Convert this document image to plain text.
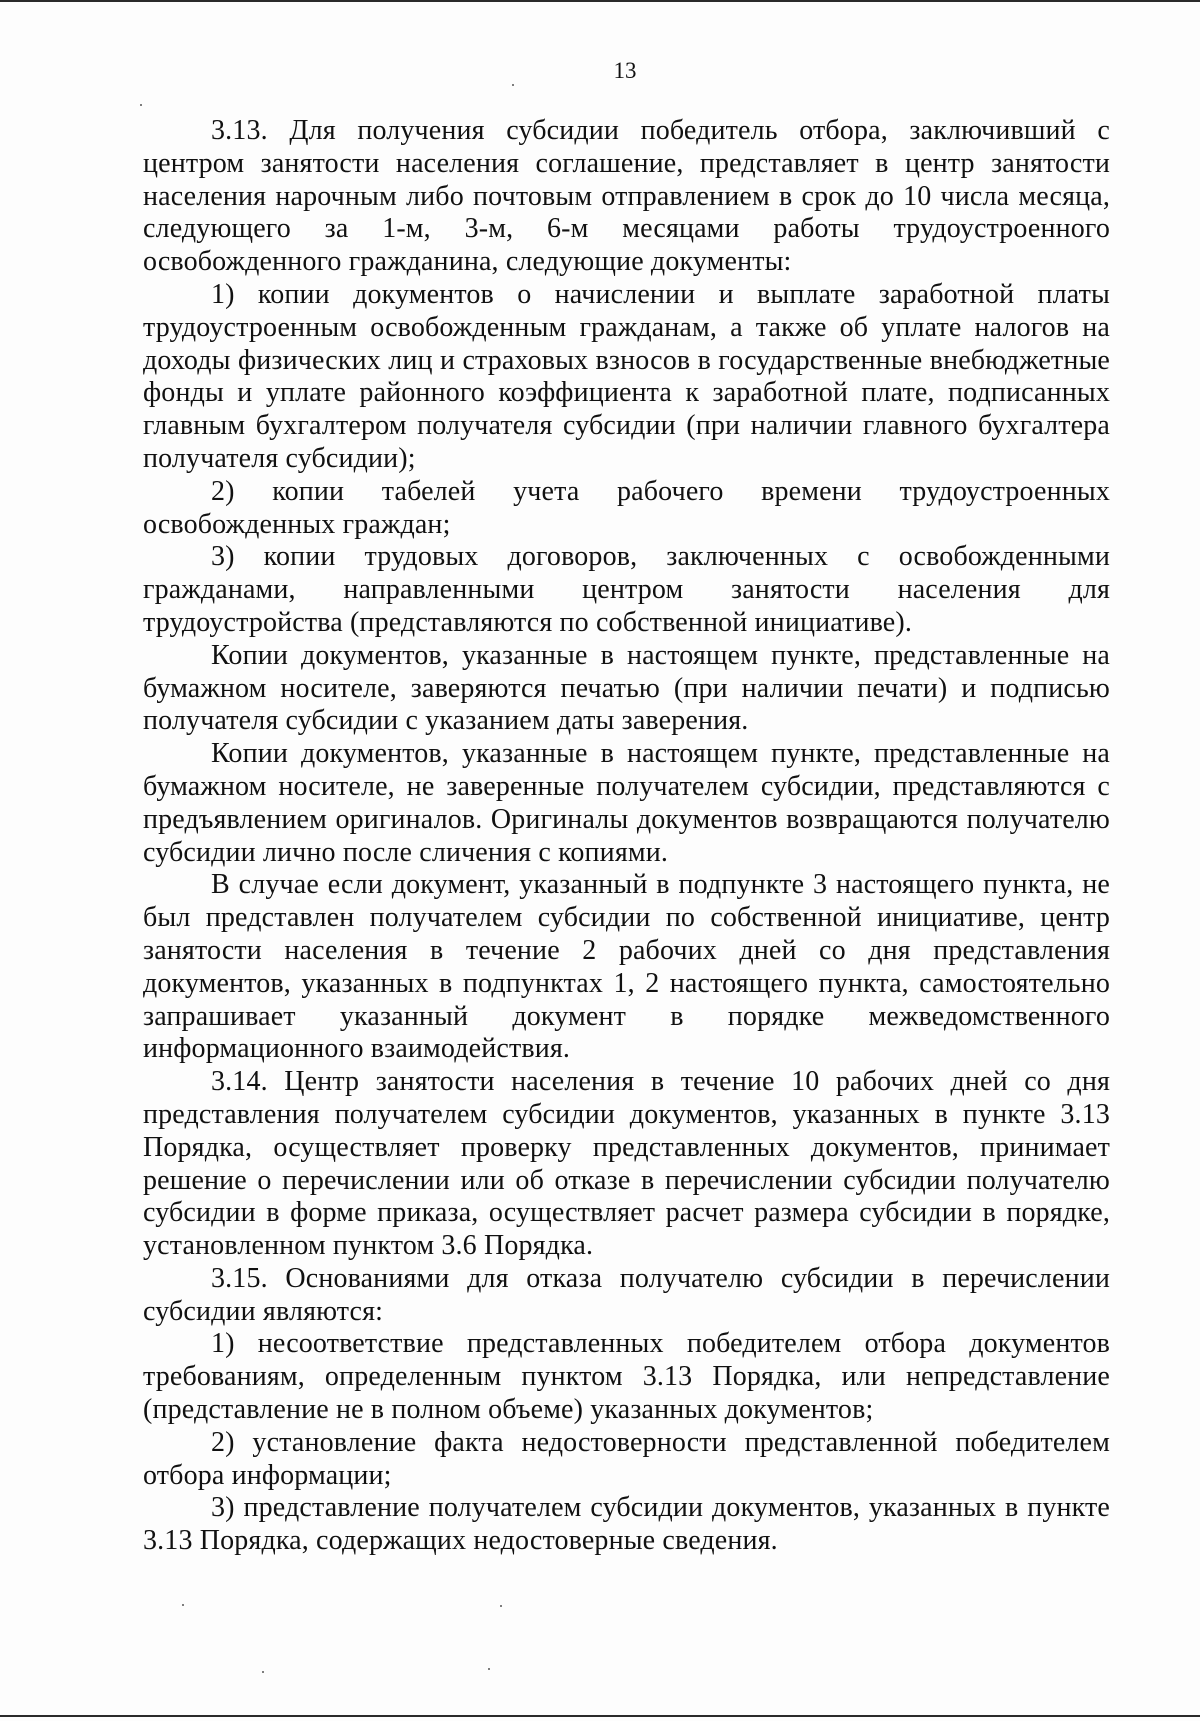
13

3.13. Для получения субсидии победитель отбора, заключивший с центром занятости населения соглашение, представляет в центр занятости населения нарочным либо почтовым отправлением в срок до 10 числа месяца, следующего за 1-м, 3-м, 6-м месяцами работы трудоустроенного освобожденного гражданина, следующие документы:

1) копии документов о начислении и выплате заработной платы трудоустроенным освобожденным гражданам, а также об уплате налогов на доходы физических лиц и страховых взносов в государственные внебюджетные фонды и уплате районного коэффициента к заработной плате, подписанных главным бухгалтером получателя субсидии (при наличии главного бухгалтера получателя субсидии);

2) копии табелей учета рабочего времени трудоустроенных освобожденных граждан;

3) копии трудовых договоров, заключенных с освобожденными гражданами, направленными центром занятости населения для трудоустройства (представляются по собственной инициативе).

Копии документов, указанные в настоящем пункте, представленные на бумажном носителе, заверяются печатью (при наличии печати) и подписью получателя субсидии с указанием даты заверения.

Копии документов, указанные в настоящем пункте, представленные на бумажном носителе, не заверенные получателем субсидии, представляются с предъявлением оригиналов. Оригиналы документов возвращаются получателю субсидии лично после сличения с копиями.

В случае если документ, указанный в подпункте 3 настоящего пункта, не был представлен получателем субсидии по собственной инициативе, центр занятости населения в течение 2 рабочих дней со дня представления документов, указанных в подпунктах 1, 2 настоящего пункта, самостоятельно запрашивает указанный документ в порядке межведомственного информационного взаимодействия.

3.14. Центр занятости населения в течение 10 рабочих дней со дня представления получателем субсидии документов, указанных в пункте 3.13 Порядка, осуществляет проверку представленных документов, принимает решение о перечислении или об отказе в перечислении субсидии получателю субсидии в форме приказа, осуществляет расчет размера субсидии в порядке, установленном пунктом 3.6 Порядка.

3.15. Основаниями для отказа получателю субсидии в перечислении субсидии являются:

1) несоответствие представленных победителем отбора документов требованиям, определенным пунктом 3.13 Порядка, или непредставление (представление не в полном объеме) указанных документов;

2) установление факта недостоверности представленной победителем отбора информации;

3) представление получателем субсидии документов, указанных в пункте 3.13 Порядка, содержащих недостоверные сведения.
